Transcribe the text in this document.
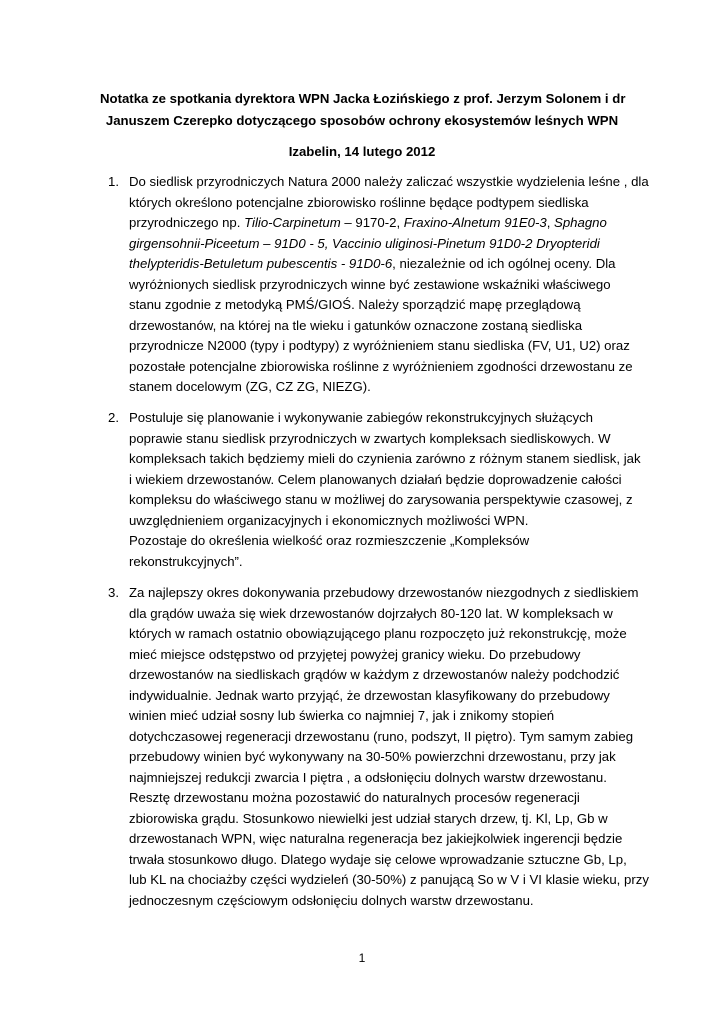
Notatka ze spotkania dyrektora WPN Jacka Łozińskiego z prof. Jerzym Solonem i dr
Januszem Czerepko dotyczącego sposobów ochrony ekosystemów leśnych WPN
Izabelin, 14 lutego 2012
1. Do siedlisk przyrodniczych Natura 2000 należy zaliczać wszystkie wydzielenia leśne , dla
których określono potencjalne zbiorowisko roślinne będące podtypem siedliska
przyrodniczego np. Tilio-Carpinetum – 9170-2, Fraxino-Alnetum 91E0-3, Sphagno
girgensohnii-Piceetum – 91D0 - 5, Vaccinio uliginosi-Pinetum 91D0-2 Dryopteridi
thelypteridis-Betuletum pubescentis - 91D0-6, niezależnie od ich ogólnej oceny. Dla
wyróżnionych siedlisk przyrodniczych winne być zestawione wskaźniki właściwego
stanu zgodnie z metodyką PMŚ/GIOŚ. Należy sporządzić mapę przeglądową
drzewostanów, na której na tle wieku i gatunków oznaczone zostaną siedliska
przyrodnicze N2000 (typy i podtypy) z wyróżnieniem stanu siedliska (FV, U1, U2) oraz
pozostałe potencjalne zbiorowiska roślinne z wyróżnieniem zgodności drzewostanu ze
stanem docelowym (ZG, CZ ZG, NIEZG).
2. Postuluje się planowanie i wykonywanie zabiegów rekonstrukcyjnych służących
poprawie stanu siedlisk przyrodniczych w zwartych kompleksach siedliskowych. W
kompleksach takich będziemy mieli do czynienia zarówno z różnym stanem siedlisk, jak
i wiekiem drzewostanów. Celem planowanych działań będzie doprowadzenie całości
kompleksu do właściwego stanu w możliwej do zarysowania perspektywie czasowej, z
uwzględnieniem organizacyjnych i ekonomicznych możliwości WPN.
Pozostaje do określenia wielkość oraz rozmieszczenie „Kompleksów
rekonstrukcyjnych”.
3. Za najlepszy okres dokonywania przebudowy drzewostanów niezgodnych z siedliskiem
dla grądów uważa się wiek drzewostanów dojrzałych 80-120 lat. W kompleksach w
których w ramach ostatnio obowiązującego planu rozpoczęto już rekonstrukcję, może
mieć miejsce odstępstwo od przyjętej powyżej granicy wieku. Do przebudowy
drzewostanów na siedliskach grądów w każdym z drzewostanów należy podchodzić
indywidualnie. Jednak warto przyjąć, że drzewostan klasyfikowany do przebudowy
winien mieć udział sosny lub świerka co najmniej 7, jak i znikomy stopień
dotychczasowej regeneracji drzewostanu (runo, podszyt, II piętro). Tym samym zabieg
przebudowy winien być wykonywany na 30-50% powierzchni drzewostanu, przy jak
najmniejszej redukcji zwarcia I piętra , a odsłonięciu dolnych warstw drzewostanu.
Resztę drzewostanu można pozostawić do naturalnych procesów regeneracji
zbiorowiska grądu. Stosunkowo niewielki jest udział starych drzew, tj. Kl, Lp, Gb w
drzewostanach WPN, więc naturalna regeneracja bez jakiejkolwiek ingerencji będzie
trwała stosunkowo długo. Dlatego wydaje się celowe wprowadzanie sztuczne Gb, Lp,
lub KL na chociażby części wydzieleń (30-50%) z panującą So w V i VI klasie wieku, przy
jednoczesnym częściowym odsłonięciu dolnych warstw drzewostanu.
1
